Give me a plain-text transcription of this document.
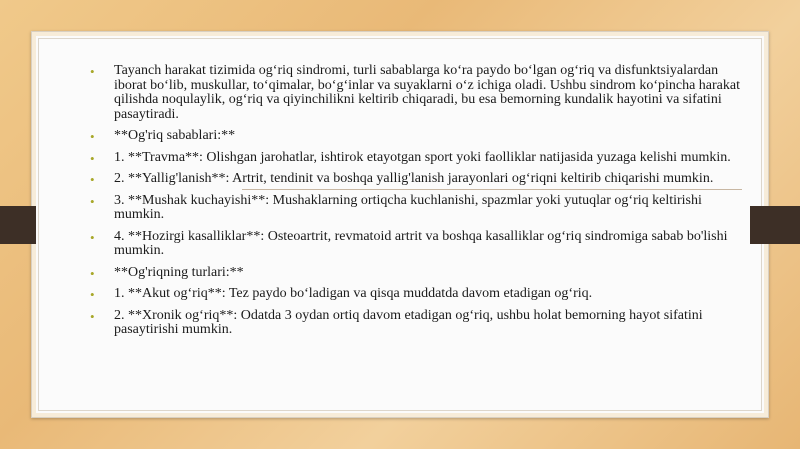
• Tayanch harakat tizimida og‘riq sindromi, turli sabablarga ko‘ra paydo bo‘lgan og‘riq va disfunktsiyalardan iborat bo‘lib, muskullar, to‘qimalar, bo‘g‘inlar va suyaklarni o‘z ichiga oladi. Ushbu sindrom ko‘pincha harakat qilishda noqulaylik, og‘riq va qiyinchilikni keltirib chiqaradi, bu esa bemorning kundalik hayotini va sifatini pasaytiradi.
• **Og'riq sabablari:**
• 1. **Travma**: Olishgan jarohatlar, ishtirok etayotgan sport yoki faolliklar natijasida yuzaga kelishi mumkin.
• 2. **Yallig'lanish**: Artrit, tendinit va boshqa yallig'lanish jarayonlari og‘riqni keltirib chiqarishi mumkin.
• 3. **Mushak kuchayishi**: Mushaklarning ortiqcha kuchlanishi, spazmlar yoki yutuqlar og‘riq keltirishi mumkin.
• 4. **Hozirgi kasalliklar**: Osteoartrit, revmatoid artrit va boshqa kasalliklar og‘riq sindromiga sabab bo'lishi mumkin.
• **Og'riqning turlari:**
• 1. **Akut og‘riq**: Tez paydo bo‘ladigan va qisqa muddatda davom etadigan og‘riq.
• 2. **Xronik og‘riq**: Odatda 3 oydan ortiq davom etadigan og‘riq, ushbu holat bemorning hayot sifatini pasaytirishi mumkin.
